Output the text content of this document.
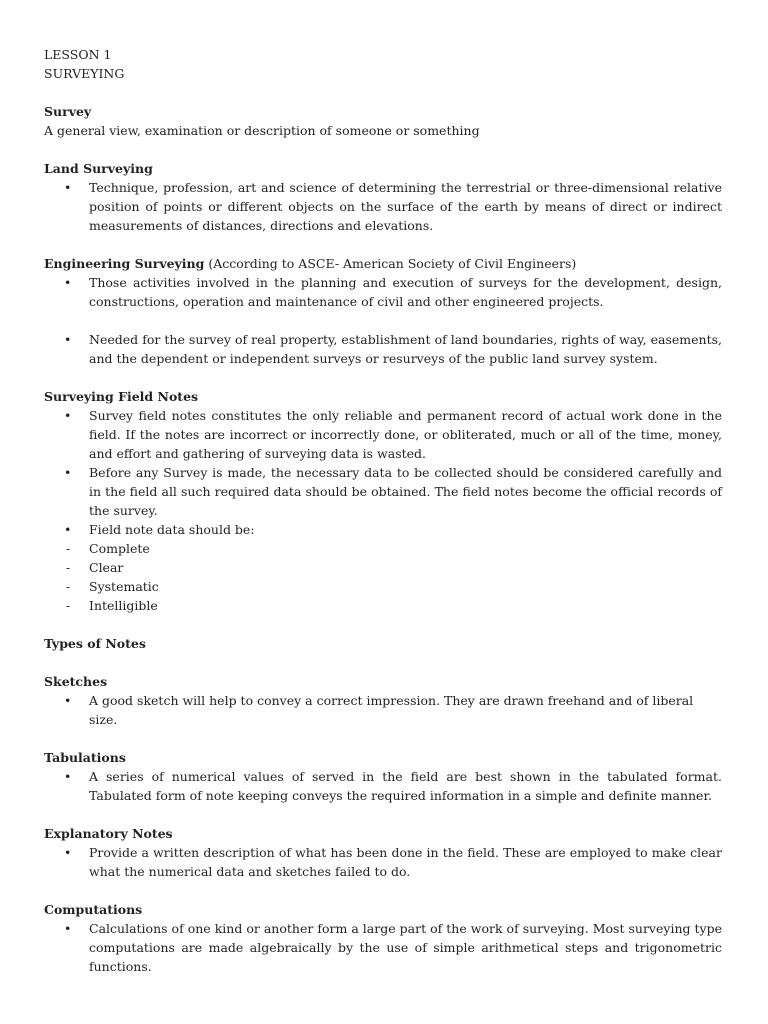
LESSON 1

SURVEYING

Survey

A general view, examination or description of someone or something

Land Surveying

•	Technique, profession, art and science of determining the terrestrial or three-dimensional relative position of points or different objects on the surface of the earth by means of direct or indirect measurements of distances, directions and elevations.

Engineering Surveying (According to ASCE- American Society of Civil Engineers)

•	Those activities involved in the planning and execution of surveys for the development, design, constructions, operation and maintenance of civil and other engineered projects.
•	Needed for the survey of real property, establishment of land boundaries, rights of way, easements, and the dependent or independent surveys or resurveys of the public land survey system.

Surveying Field Notes

•	Survey field notes constitutes the only reliable and permanent record of actual work done in the field. If the notes are incorrect or incorrectly done, or obliterated, much or all of the time, money, and effort and gathering of surveying data is wasted.
•	Before any Survey is made, the necessary data to be collected should be considered carefully and in the field all such required data should be obtained. The field notes become the official records of the survey.
•	Field note data should be:
- Complete
- Clear
- Systematic
- Intelligible

Types of Notes

Sketches

•	A good sketch will help to convey a correct impression. They are drawn freehand and of liberal size.

Tabulations

•	A series of numerical values of served in the field are best shown in the tabulated format. Tabulated form of note keeping conveys the required information in a simple and definite manner.

Explanatory Notes

•	Provide a written description of what has been done in the field. These are employed to make clear what the numerical data and sketches failed to do.

Computations

•	Calculations of one kind or another form a large part of the work of surveying. Most surveying type computations are made algebraically by the use of simple arithmetical steps and trigonometric functions.
